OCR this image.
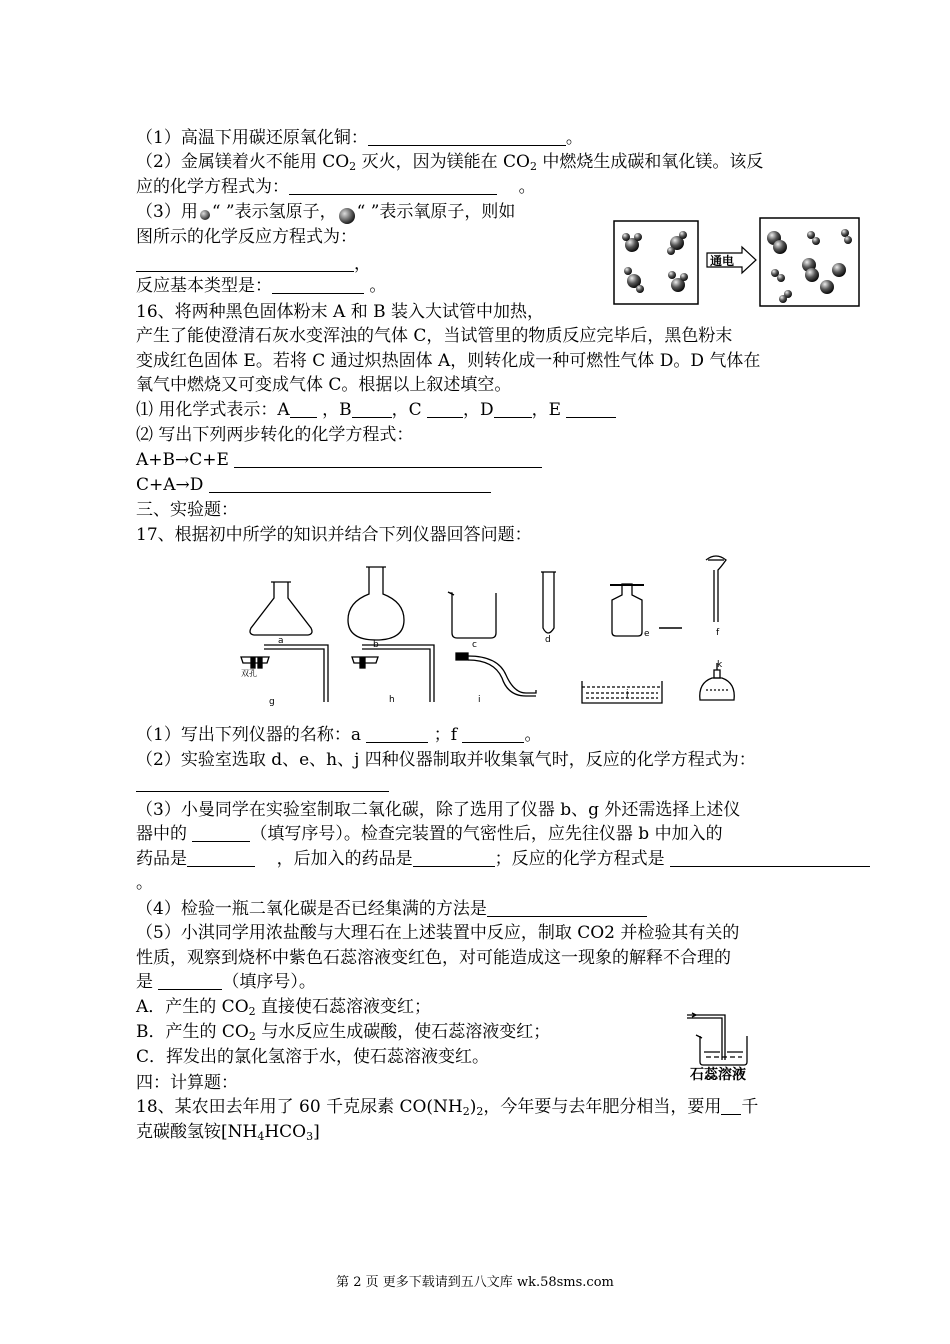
（1）高温下用碳还原氧化铜：	。
（2）金属镁着火不能用 $CO_2$ 灭火，因为镁能在 $CO_2$ 中燃烧生成碳和氧化镁。该反
应的化学方程式为：	。
（3）用 “ ”表示氢原子， “ ”表示氧原子，则如
图所示的化学反应方程式为：
，
反应基本类型是：	。
通电
16、将两种黑色固体粉末 A 和 B 装入大试管中加热，
产生了能使澄清石灰水变浑浊的气体 C，当试管里的物质反应完毕后，黑色粉末
变成红色固体 E。若将 C 通过炽热固体 A，则转化成一种可燃性气体 D。D 气体在
氧气中燃烧又可变成气体 C。根据以上叙述填空。
⑴ 用化学式表示：A ，B ，C ，D ，E
⑵ 写出下列两步转化的化学方程式：
A+B→C+E
C+A→D
三、实验题：
17、根据初中所学的知识并结合下列仪器回答问题：
a	b	c	d
e	f
双孔
g	h	i
j
k
（1）写出下列仪器的名称：a	；f	。
（2）实验室选取 d、e、h、j 四种仪器制取并收集氧气时，反应的化学方程式为：
（3）小曼同学在实验室制取二氧化碳，除了选用了仪器 b、g 外还需选择上述仪
器中的	（填写序号）。检查完装置的气密性后，应先往仪器 b 中加入的
药品是	，后加入的药品是	；反应的化学方程式是
。
（4）检验一瓶二氧化碳是否已经集满的方法是
（5）小淇同学用浓盐酸与大理石在上述装置中反应，制取 CO2 并检验其有关的
性质，观察到烧杯中紫色石蕊溶液变红色，对可能造成这一现象的解释不合理的
是	（填序号）。
A．产生的 $CO_2$ 直接使石蕊溶液变红；
B．产生的 $CO_2$ 与水反应生成碳酸，使石蕊溶液变红；
C．挥发出的氯化氢溶于水，使石蕊溶液变红。
石蕊溶液
四：计算题：
18、某农田去年用了 60 千克尿素 $CO(NH_2)_2$，今年要与去年肥分相当，要用 千
克碳酸氢铵$[NH_4HCO_3]$
第 2 页 更多下载请到五八文库 wk.58sms.com
